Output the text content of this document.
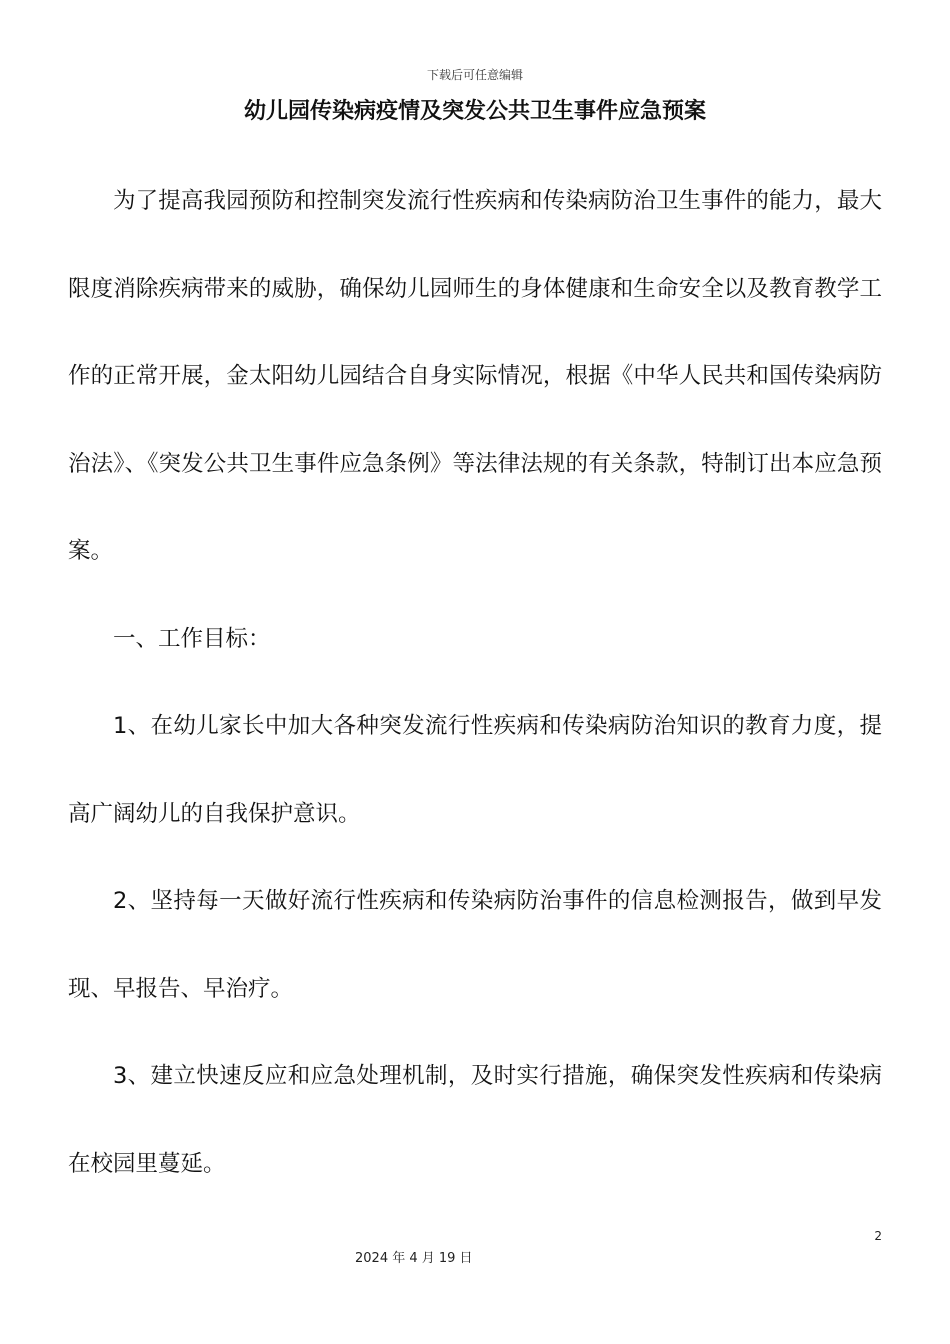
下载后可任意编辑
幼儿园传染病疫情及突发公共卫生事件应急预案

为了提高我园预防和控制突发流行性疾病和传染病防治卫生事件的能力，最大限度消除疾病带来的威胁，确保幼儿园师生的身体健康和生命安全以及教育教学工作的正常开展，金太阳幼儿园结合自身实际情况，根据《中华人民共和国传染病防治法》、《突发公共卫生事件应急条例》等法律法规的有关条款，特制订出本应急预案。

一、工作目标：

1、在幼儿家长中加大各种突发流行性疾病和传染病防治知识的教育力度，提高广阔幼儿的自我保护意识。

2、坚持每一天做好流行性疾病和传染病防治事件的信息检测报告，做到早发现、早报告、早治疗。

3、建立快速反应和应急处理机制，及时实行措施，确保突发性疾病和传染病在校园里蔓延。

2
2024 年 4 月 19 日
